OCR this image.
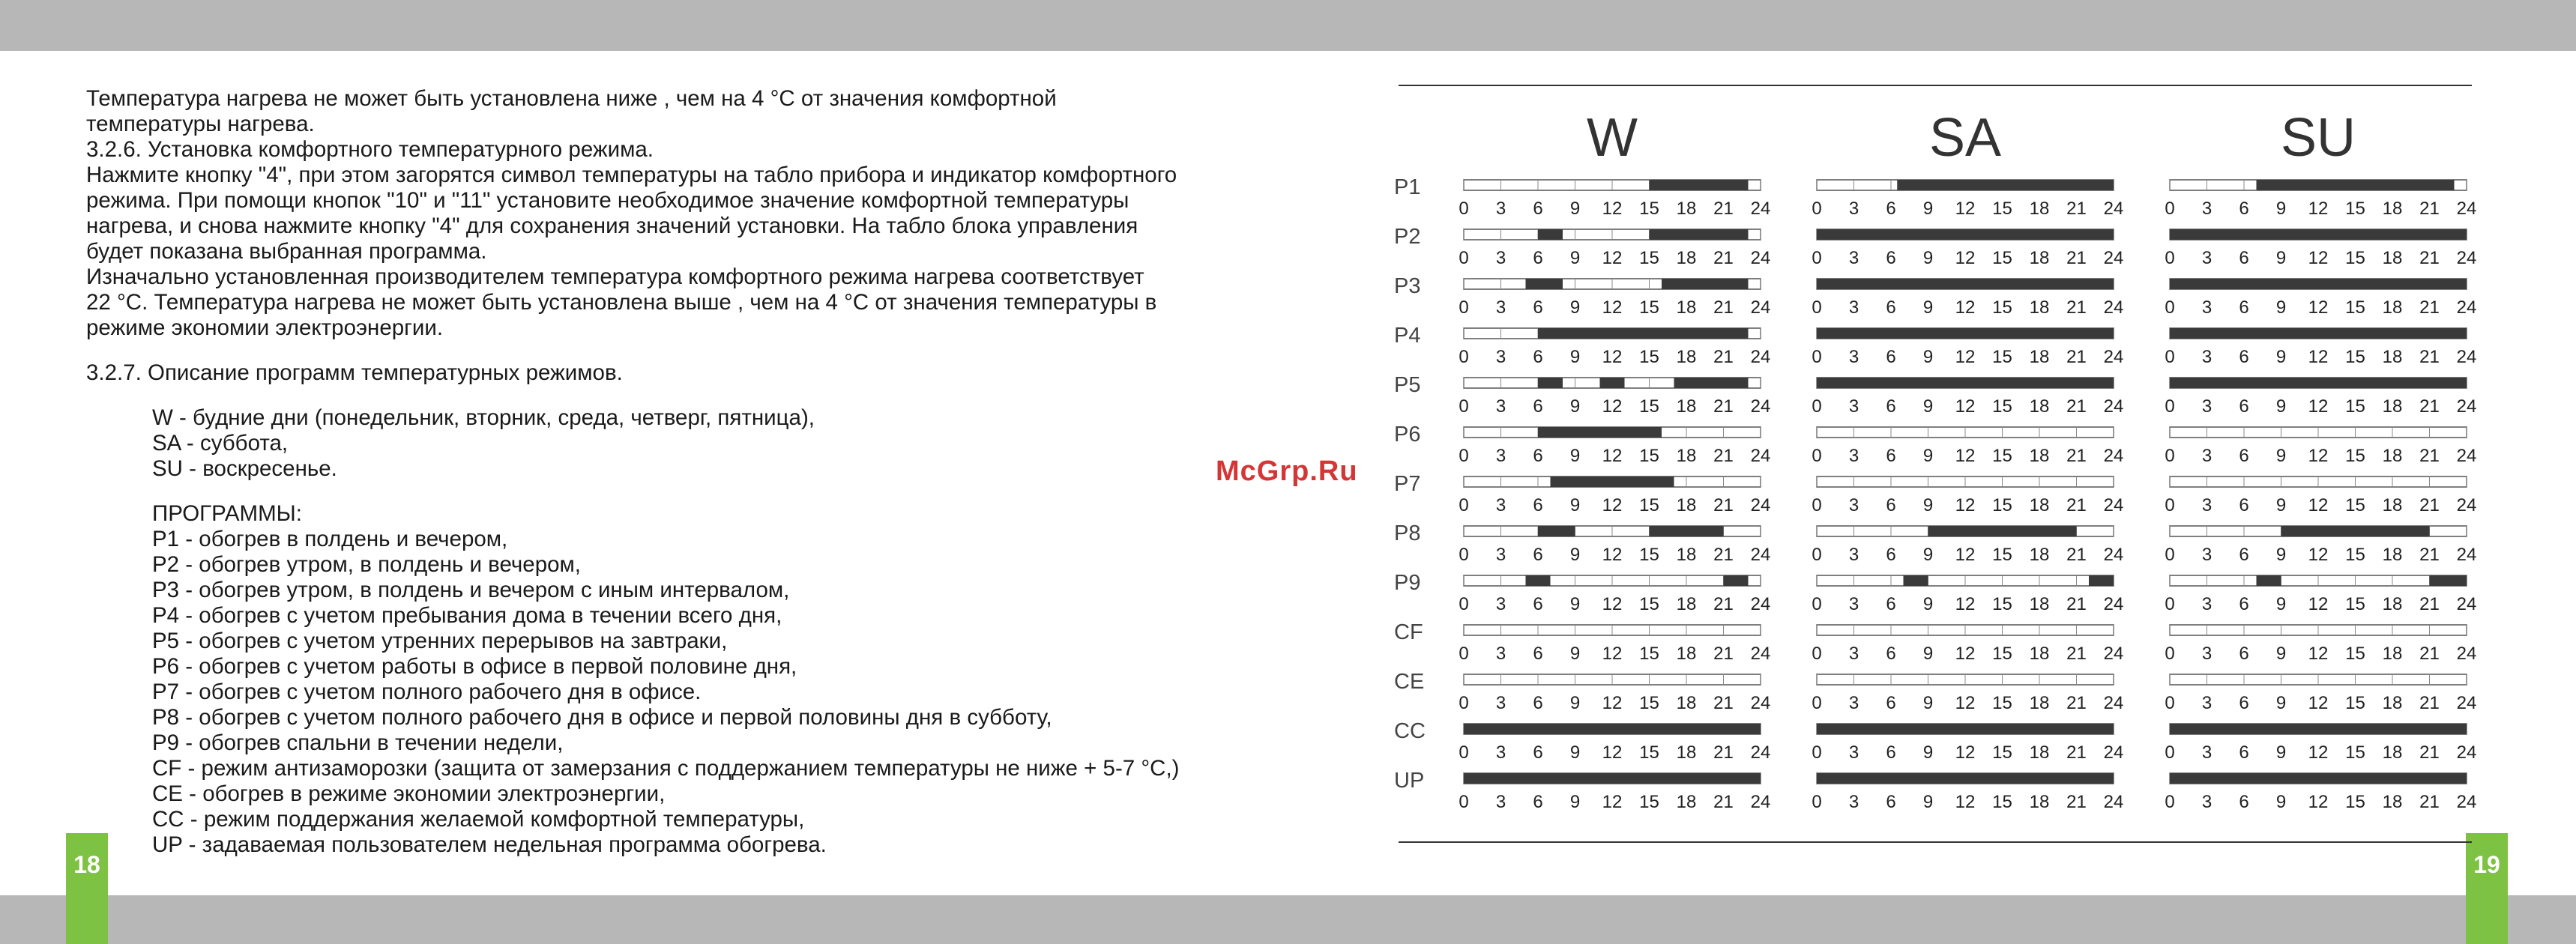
18	19
Температура нагрева не может быть установлена ниже , чем на 4 °С от значения комфортной
температуры нагрева.
3.2.6. Установка комфортного температурного режима.
Нажмите кнопку "4", при этом загорятся символ температуры на табло прибора и индикатор комфортного
режима. При помощи кнопок "10" и "11" установите необходимое значение комфортной температуры
нагрева, и снова нажмите кнопку "4" для сохранения значений установки. На табло блока управления
будет показана выбранная программа.
Изначально установленная производителем температура комфортного режима нагрева соответствует
22 °С. Температура нагрева не может быть установлена выше , чем на 4 °С от значения температуры в
режиме экономии электроэнергии.
3.2.7. Описание программ температурных режимов.
W - будние дни (понедельник, вторник, среда, четверг, пятница),
SA - суббота,
SU - воскресенье.
ПРОГРАММЫ:
P1 - обогрев в полдень и вечером,
P2 - обогрев утром, в полдень и вечером,
P3 - обогрев утром, в полдень и вечером с иным интервалом,
P4 - обогрев с учетом пребывания дома в течении всего дня,
P5 - обогрев с учетом утренних перерывов на завтраки,
P6 - обогрев с учетом работы в офисе в первой половине дня,
P7 - обогрев с учетом полного рабочего дня в офисе.
P8 - обогрев с учетом полного рабочего дня в офисе и первой половины дня в субботу,
P9 - обогрев спальни в течении недели,
CF - режим антизаморозки (защита от замерзания с поддержанием температуры не ниже + 5-7 °С,)
CE - обогрев в режиме экономии электроэнергии,
CC - режим поддержания желаемой комфортной температуры,
UP - задаваемая пользователем недельная программа обогрева.
McGrp.Ru
W	SA	SU
P1
0 3 6 9 12 15 18 21 24 0 3 6 9 12 15 18 21 24 0 3 6 9 12 15 18 21 24
P2
0 3 6 9 12 15 18 21 24 0 3 6 9 12 15 18 21 24 0 3 6 9 12 15 18 21 24
P3
0 3 6 9 12 15 18 21 24 0 3 6 9 12 15 18 21 24 0 3 6 9 12 15 18 21 24
P4
0 3 6 9 12 15 18 21 24 0 3 6 9 12 15 18 21 24 0 3 6 9 12 15 18 21 24
P5
0 3 6 9 12 15 18 21 24 0 3 6 9 12 15 18 21 24 0 3 6 9 12 15 18 21 24
P6
0 3 6 9 12 15 18 21 24 0 3 6 9 12 15 18 21 24 0 3 6 9 12 15 18 21 24
P7
0 3 6 9 12 15 18 21 24 0 3 6 9 12 15 18 21 24 0 3 6 9 12 15 18 21 24
P8
0 3 6 9 12 15 18 21 24 0 3 6 9 12 15 18 21 24 0 3 6 9 12 15 18 21 24
P9
0 3 6 9 12 15 18 21 24 0 3 6 9 12 15 18 21 24 0 3 6 9 12 15 18 21 24
CF
0 3 6 9 12 15 18 21 24 0 3 6 9 12 15 18 21 24 0 3 6 9 12 15 18 21 24
CE
0 3 6 9 12 15 18 21 24 0 3 6 9 12 15 18 21 24 0 3 6 9 12 15 18 21 24
CC
0 3 6 9 12 15 18 21 24 0 3 6 9 12 15 18 21 24 0 3 6 9 12 15 18 21 24
UP
0 3 6 9 12 15 18 21 24 0 3 6 9 12 15 18 21 24 0 3 6 9 12 15 18 21 24
